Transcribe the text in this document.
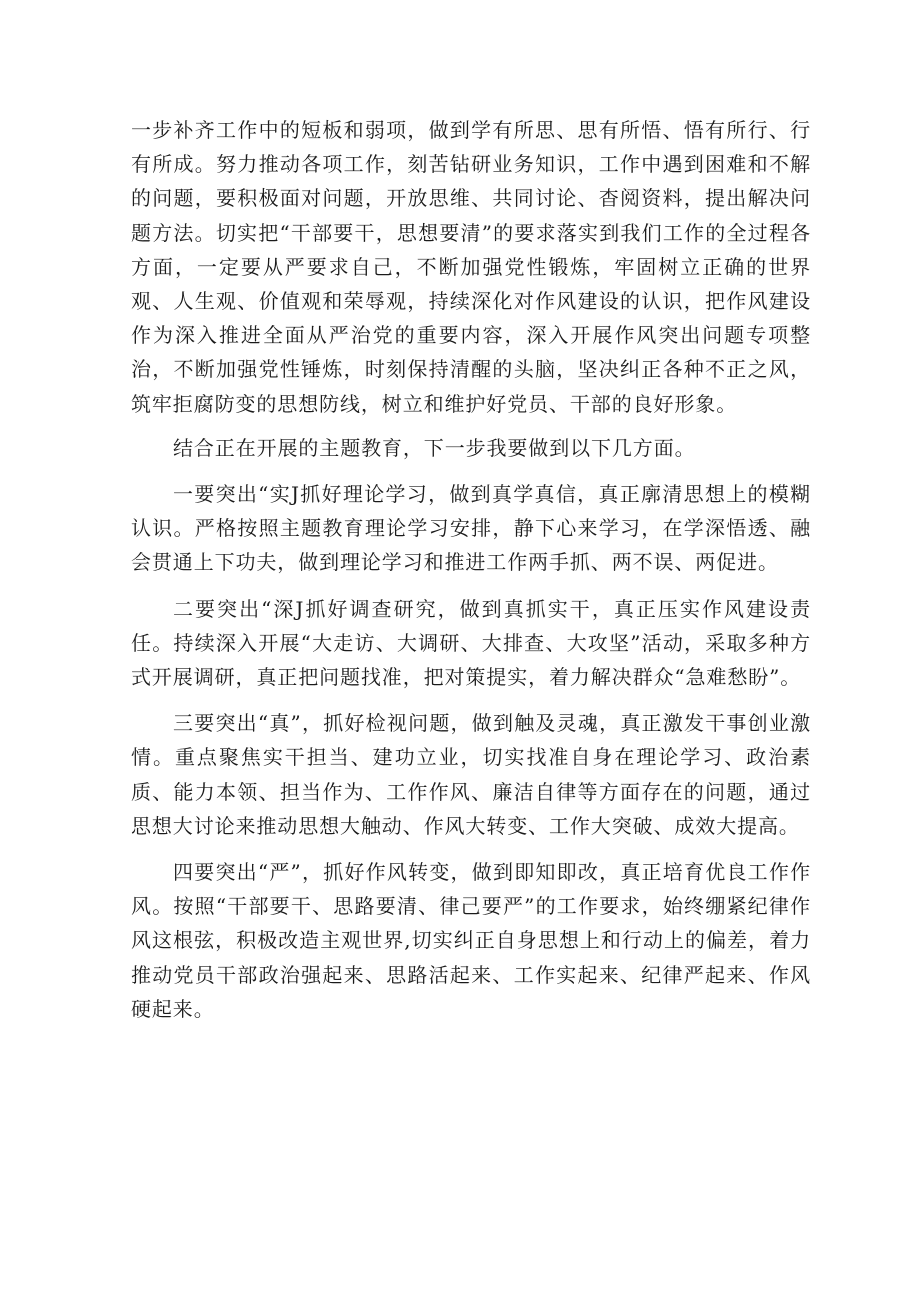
一步补齐工作中的短板和弱项，做到学有所思、思有所悟、悟有所行、行有所成。努力推动各项工作，刻苦钻研业务知识，工作中遇到困难和不解的问题，要积极面对问题，开放思维、共同讨论、杳阅资料，提出解决问题方法。切实把“干部要干，思想要清”的要求落实到我们工作的全过程各方面，一定要从严要求自己，不断加强党性锻炼，牢固树立正确的世界观、人生观、价值观和荣辱观，持续深化对作风建设的认识，把作风建设作为深入推进全面从严治党的重要内容，深入开展作风突出问题专项整治，不断加强党性锤炼，时刻保持清醒的头脑，坚决纠正各种不正之风，筑牢拒腐防变的思想防线，树立和维护好党员、干部的良好形象。

结合正在开展的主题教育，下一步我要做到以下几方面。

一要突出“实J抓好理论学习，做到真学真信，真正廓清思想上的模糊认识。严格按照主题教育理论学习安排，静下心来学习，在学深悟透、融会贯通上下功夫，做到理论学习和推进工作两手抓、两不误、两促进。

二要突出“深J抓好调查研究，做到真抓实干，真正压实作风建设责任。持续深入开展“大走访、大调研、大排查、大攻坚”活动，采取多种方式开展调研，真正把问题找准，把对策提实，着力解决群众“急难愁盼”。

三要突出“真”，抓好检视问题，做到触及灵魂，真正激发干事创业激情。重点聚焦实干担当、建功立业，切实找准自身在理论学习、政治素质、能力本领、担当作为、工作作风、廉洁自律等方面存在的问题，通过思想大讨论来推动思想大触动、作风大转变、工作大突破、成效大提高。

四要突出“严”，抓好作风转变，做到即知即改，真正培育优良工作作风。按照“干部要干、思路要清、律己要严”的工作要求，始终绷紧纪律作风这根弦，积极改造主观世界,切实纠正自身思想上和行动上的偏差，着力推动党员干部政治强起来、思路活起来、工作实起来、纪律严起来、作风硬起来。
